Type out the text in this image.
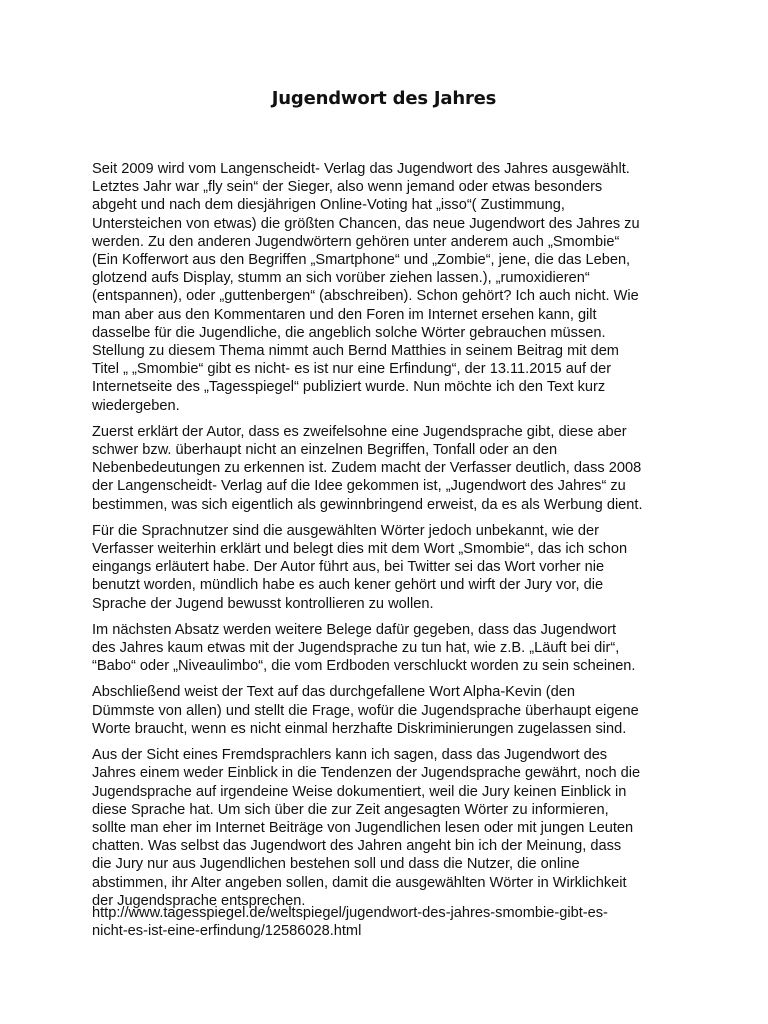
Jugendwort des Jahres

Seit 2009 wird vom Langenscheidt- Verlag das Jugendwort des Jahres ausgewählt.
Letztes Jahr war „fly sein“ der Sieger, also wenn jemand oder etwas besonders
abgeht und nach dem diesjährigen Online-Voting hat „isso“( Zustimmung,
Untersteichen von etwas) die größten Chancen, das neue Jugendwort des Jahres zu
werden. Zu den anderen Jugendwörtern gehören unter anderem auch „Smombie“
(Ein Kofferwort aus den Begriffen „Smartphone“ und „Zombie“, jene, die das Leben,
glotzend aufs Display, stumm an sich vorüber ziehen lassen.), „rumoxidieren“
(entspannen), oder „guttenbergen“ (abschreiben). Schon gehört? Ich auch nicht. Wie
man aber aus den Kommentaren und den Foren im Internet ersehen kann, gilt
dasselbe für die Jugendliche, die angeblich solche Wörter gebrauchen müssen.
Stellung zu diesem Thema nimmt auch Bernd Matthies in seinem Beitrag mit dem
Titel „ „Smombie“ gibt es nicht- es ist nur eine Erfindung“, der 13.11.2015 auf der
Internetseite des „Tagesspiegel“ publiziert wurde. Nun möchte ich den Text kurz
wiedergeben.

Zuerst erklärt der Autor, dass es zweifelsohne eine Jugendsprache gibt, diese aber
schwer bzw. überhaupt nicht an einzelnen Begriffen, Tonfall oder an den
Nebenbedeutungen zu erkennen ist. Zudem macht der Verfasser deutlich, dass 2008
der Langenscheidt- Verlag auf die Idee gekommen ist, „Jugendwort des Jahres“ zu
bestimmen, was sich eigentlich als gewinnbringend erweist, da es als Werbung dient.

Für die Sprachnutzer sind die ausgewählten Wörter jedoch unbekannt, wie der
Verfasser weiterhin erklärt und belegt dies mit dem Wort „Smombie“, das ich schon
eingangs erläutert habe. Der Autor führt aus, bei Twitter sei das Wort vorher nie
benutzt worden, mündlich habe es auch kener gehört und wirft der Jury vor, die
Sprache der Jugend bewusst kontrollieren zu wollen.

Im nächsten Absatz werden weitere Belege dafür gegeben, dass das Jugendwort
des Jahres kaum etwas mit der Jugendsprache zu tun hat, wie z.B. „Läuft bei dir“,
“Babo“ oder „Niveaulimbo“, die vom Erdboden verschluckt worden zu sein scheinen.

Abschließend weist der Text auf das durchgefallene Wort Alpha-Kevin (den
Dümmste von allen) und stellt die Frage, wofür die Jugendsprache überhaupt eigene
Worte braucht, wenn es nicht einmal herzhafte Diskriminierungen zugelassen sind.

Aus der Sicht eines Fremdsprachlers kann ich sagen, dass das Jugendwort des
Jahres einem weder Einblick in die Tendenzen der Jugendsprache gewährt, noch die
Jugendsprache auf irgendeine Weise dokumentiert, weil die Jury keinen Einblick in
diese Sprache hat. Um sich über die zur Zeit angesagten Wörter zu informieren,
sollte man eher im Internet Beiträge von Jugendlichen lesen oder mit jungen Leuten
chatten. Was selbst das Jugendwort des Jahren angeht bin ich der Meinung, dass
die Jury nur aus Jugendlichen bestehen soll und dass die Nutzer, die online
abstimmen, ihr Alter angeben sollen, damit die ausgewählten Wörter in Wirklichkeit
der Jugendsprache entsprechen.

http://www.tagesspiegel.de/weltspiegel/jugendwort-des-jahres-smombie-gibt-es-
nicht-es-ist-eine-erfindung/12586028.html
